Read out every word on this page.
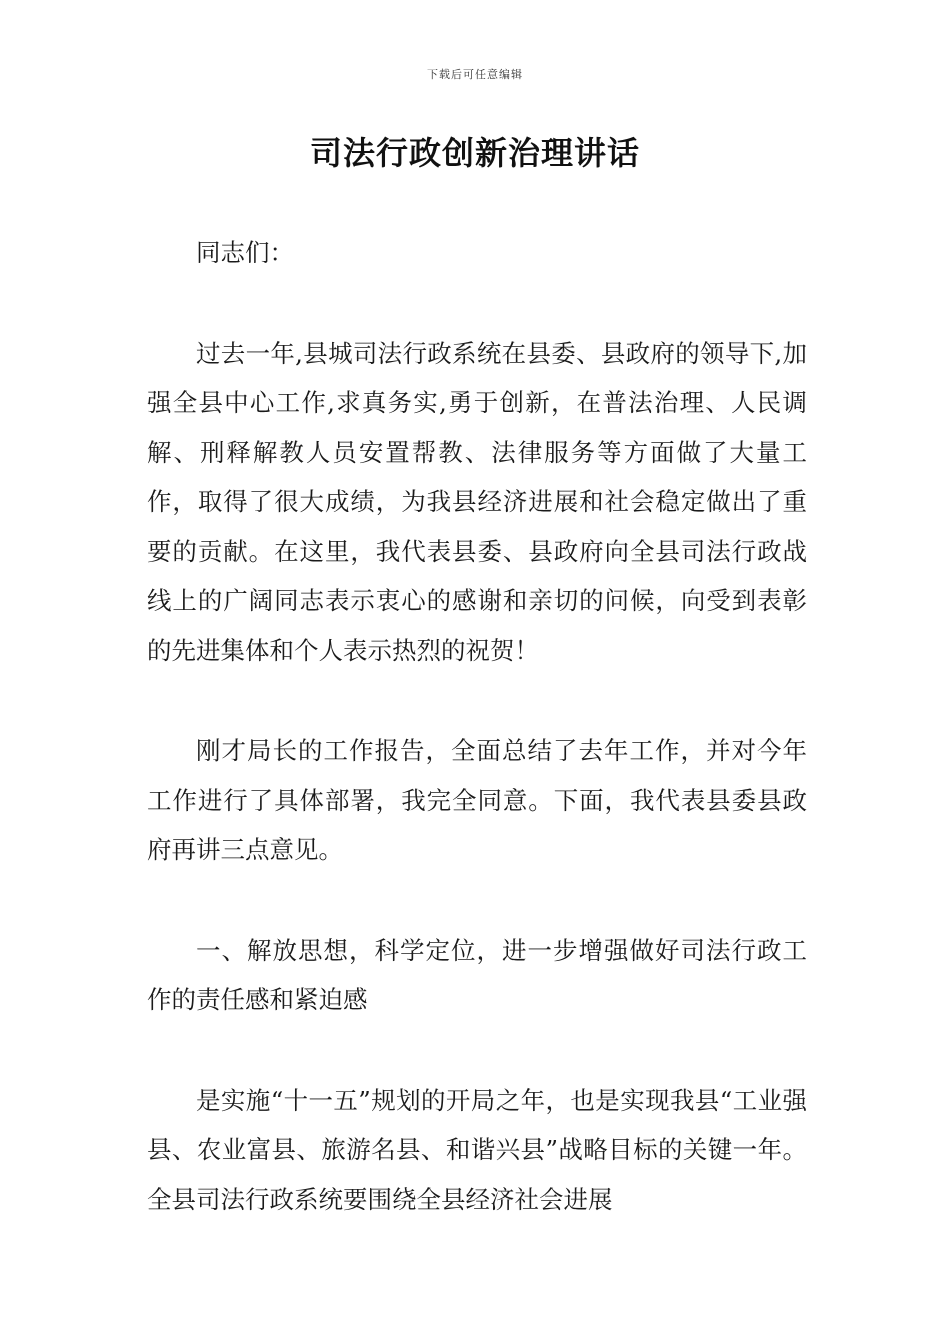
下载后可任意编辑
司法行政创新治理讲话

同志们：

过去一年,县城司法行政系统在县委、县政府的领导下,加强全县中心工作,求真务实,勇于创新，在普法治理、人民调解、刑释解教人员安置帮教、法律服务等方面做了大量工作，取得了很大成绩，为我县经济进展和社会稳定做出了重要的贡献。在这里，我代表县委、县政府向全县司法行政战线上的广阔同志表示衷心的感谢和亲切的问候，向受到表彰的先进集体和个人表示热烈的祝贺！

刚才局长的工作报告，全面总结了去年工作，并对今年工作进行了具体部署，我完全同意。下面，我代表县委县政府再讲三点意见。

一、解放思想，科学定位，进一步增强做好司法行政工作的责任感和紧迫感

是实施“十一五”规划的开局之年，也是实现我县“工业强县、农业富县、旅游名县、和谐兴县”战略目标的关键一年。全县司法行政系统要围绕全县经济社会进展
